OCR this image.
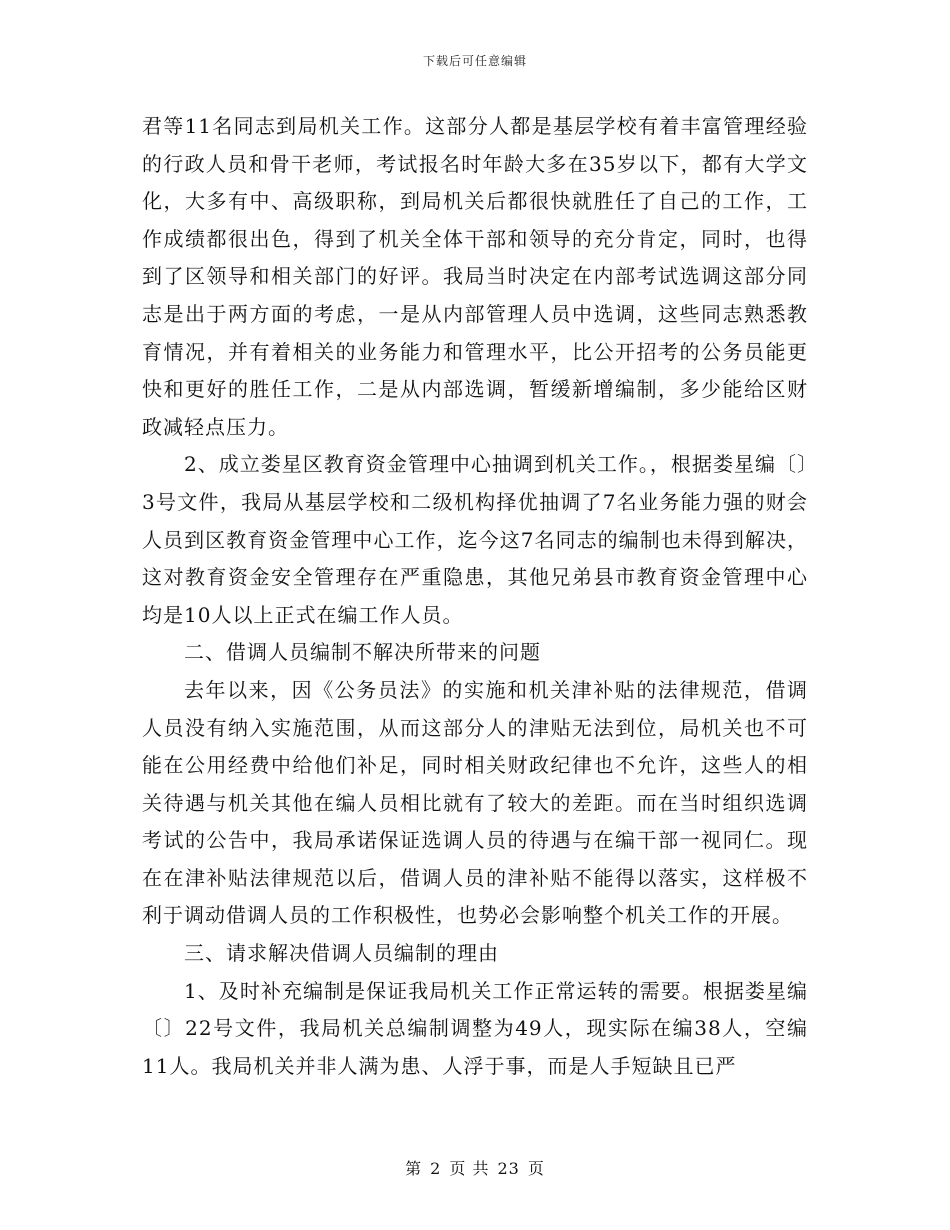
下载后可任意编辑

君等11名同志到局机关工作。这部分人都是基层学校有着丰富管理经验的行政人员和骨干老师，考试报名时年龄大多在35岁以下，都有大学文化，大多有中、高级职称，到局机关后都很快就胜任了自己的工作，工作成绩都很出色，得到了机关全体干部和领导的充分肯定，同时，也得到了区领导和相关部门的好评。我局当时决定在内部考试选调这部分同志是出于两方面的考虑，一是从内部管理人员中选调，这些同志熟悉教育情况，并有着相关的业务能力和管理水平，比公开招考的公务员能更快和更好的胜任工作，二是从内部选调，暂缓新增编制，多少能给区财政减轻点压力。

2、成立娄星区教育资金管理中心抽调到机关工作。，根据娄星编〔〕3号文件，我局从基层学校和二级机构择优抽调了7名业务能力强的财会人员到区教育资金管理中心工作，迄今这7名同志的编制也未得到解决，这对教育资金安全管理存在严重隐患，其他兄弟县市教育资金管理中心均是10人以上正式在编工作人员。

二、借调人员编制不解决所带来的问题

去年以来，因《公务员法》的实施和机关津补贴的法律规范，借调人员没有纳入实施范围，从而这部分人的津贴无法到位，局机关也不可能在公用经费中给他们补足，同时相关财政纪律也不允许，这些人的相关待遇与机关其他在编人员相比就有了较大的差距。而在当时组织选调考试的公告中，我局承诺保证选调人员的待遇与在编干部一视同仁。现在在津补贴法律规范以后，借调人员的津补贴不能得以落实，这样极不利于调动借调人员的工作积极性，也势必会影响整个机关工作的开展。

三、请求解决借调人员编制的理由

1、及时补充编制是保证我局机关工作正常运转的需要。根据娄星编〔〕22号文件，我局机关总编制调整为49人，现实际在编38人，空编11人。我局机关并非人满为患、人浮于事，而是人手短缺且已严

第 2 页 共 23 页
